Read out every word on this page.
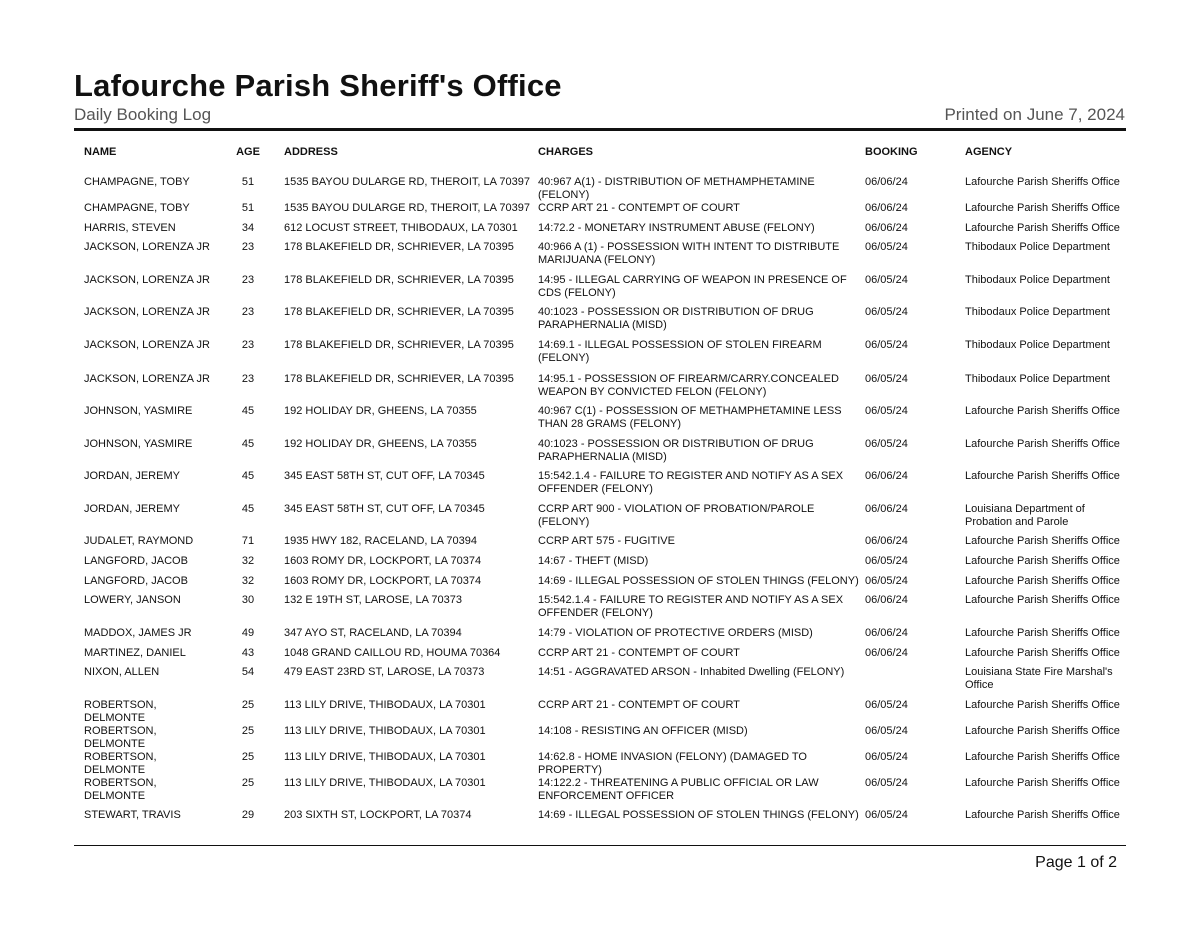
Lafourche Parish Sheriff's Office
Daily Booking Log	Printed on June 7, 2024
NAME	AGE	ADDRESS	CHARGES	BOOKING	AGENCY
CHAMPAGNE, TOBY	51	1535 BAYOU DULARGE RD, THEROIT, LA 70397	40:967 A(1) - DISTRIBUTION OF METHAMPHETAMINE (FELONY)	06/06/24	Lafourche Parish Sheriffs Office
CHAMPAGNE, TOBY	51	1535 BAYOU DULARGE RD, THEROIT, LA 70397	CCRP ART 21 - CONTEMPT OF COURT	06/06/24	Lafourche Parish Sheriffs Office
HARRIS, STEVEN	34	612 LOCUST STREET, THIBODAUX, LA 70301	14:72.2 - MONETARY INSTRUMENT ABUSE (FELONY)	06/06/24	Lafourche Parish Sheriffs Office
JACKSON, LORENZA JR	23	178 BLAKEFIELD DR, SCHRIEVER, LA 70395	40:966 A (1) - POSSESSION WITH INTENT TO DISTRIBUTE MARIJUANA (FELONY)	06/05/24	Thibodaux Police Department
JACKSON, LORENZA JR	23	178 BLAKEFIELD DR, SCHRIEVER, LA 70395	14:95 - ILLEGAL CARRYING OF WEAPON IN PRESENCE OF CDS (FELONY)	06/05/24	Thibodaux Police Department
JACKSON, LORENZA JR	23	178 BLAKEFIELD DR, SCHRIEVER, LA 70395	40:1023 - POSSESSION OR DISTRIBUTION OF DRUG PARAPHERNALIA (MISD)	06/05/24	Thibodaux Police Department
JACKSON, LORENZA JR	23	178 BLAKEFIELD DR, SCHRIEVER, LA 70395	14:69.1 - ILLEGAL POSSESSION OF STOLEN FIREARM (FELONY)	06/05/24	Thibodaux Police Department

JACKSON, LORENZA JR	23	178 BLAKEFIELD DR, SCHRIEVER, LA 70395	14:95.1 - POSSESSION OF FIREARM/CARRY.CONCEALED WEAPON BY CONVICTED FELON (FELONY)	06/05/24	Thibodaux Police Department
JOHNSON, YASMIRE	45	192 HOLIDAY DR, GHEENS, LA 70355	40:967 C(1) - POSSESSION OF METHAMPHETAMINE LESS THAN 28 GRAMS (FELONY)	06/05/24	Lafourche Parish Sheriffs Office
JOHNSON, YASMIRE	45	192 HOLIDAY DR, GHEENS, LA 70355	40:1023 - POSSESSION OR DISTRIBUTION OF DRUG PARAPHERNALIA (MISD)	06/05/24	Lafourche Parish Sheriffs Office
JORDAN, JEREMY	45	345 EAST 58TH ST, CUT OFF, LA 70345	15:542.1.4 - FAILURE TO REGISTER AND NOTIFY AS A SEX OFFENDER (FELONY)	06/06/24	Lafourche Parish Sheriffs Office
JORDAN, JEREMY	45	345 EAST 58TH ST, CUT OFF, LA 70345	CCRP ART 900 - VIOLATION OF PROBATION/PAROLE (FELONY)	06/06/24	Louisiana Department of Probation and Parole
JUDALET, RAYMOND	71	1935 HWY 182, RACELAND, LA 70394	CCRP ART 575 - FUGITIVE	06/06/24	Lafourche Parish Sheriffs Office
LANGFORD, JACOB	32	1603 ROMY DR, LOCKPORT, LA 70374	14:67 - THEFT (MISD)	06/05/24	Lafourche Parish Sheriffs Office
LANGFORD, JACOB	32	1603 ROMY DR, LOCKPORT, LA 70374	14:69 - ILLEGAL POSSESSION OF STOLEN THINGS (FELONY)	06/05/24	Lafourche Parish Sheriffs Office
LOWERY, JANSON	30	132 E 19TH ST, LAROSE, LA 70373	15:542.1.4 - FAILURE TO REGISTER AND NOTIFY AS A SEX OFFENDER (FELONY)	06/06/24	Lafourche Parish Sheriffs Office
MADDOX, JAMES JR	49	347 AYO ST, RACELAND, LA 70394	14:79 - VIOLATION OF PROTECTIVE ORDERS (MISD)	06/06/24	Lafourche Parish Sheriffs Office
MARTINEZ, DANIEL	43	1048 GRAND CAILLOU RD, HOUMA 70364	CCRP ART 21 - CONTEMPT OF COURT	06/06/24	Lafourche Parish Sheriffs Office
NIXON, ALLEN	54	479 EAST 23RD ST, LAROSE, LA 70373	14:51 - AGGRAVATED ARSON - Inhabited Dwelling (FELONY)		Louisiana State Fire Marshal's Office
ROBERTSON, DELMONTE	25	113 LILY DRIVE, THIBODAUX, LA 70301	CCRP ART 21 - CONTEMPT OF COURT	06/05/24	Lafourche Parish Sheriffs Office
ROBERTSON, DELMONTE	25	113 LILY DRIVE, THIBODAUX, LA 70301	14:108 - RESISTING AN OFFICER (MISD)	06/05/24	Lafourche Parish Sheriffs Office
ROBERTSON, DELMONTE	25	113 LILY DRIVE, THIBODAUX, LA 70301	14:62.8 - HOME INVASION (FELONY) (DAMAGED TO PROPERTY)	06/05/24	Lafourche Parish Sheriffs Office
ROBERTSON, DELMONTE	25	113 LILY DRIVE, THIBODAUX, LA 70301	14:122.2 - THREATENING A PUBLIC OFFICIAL OR LAW ENFORCEMENT OFFICER	06/05/24	Lafourche Parish Sheriffs Office
STEWART, TRAVIS	29	203 SIXTH ST, LOCKPORT, LA 70374	14:69 - ILLEGAL POSSESSION OF STOLEN THINGS (FELONY)	06/05/24	Lafourche Parish Sheriffs Office
Page 1 of 2
